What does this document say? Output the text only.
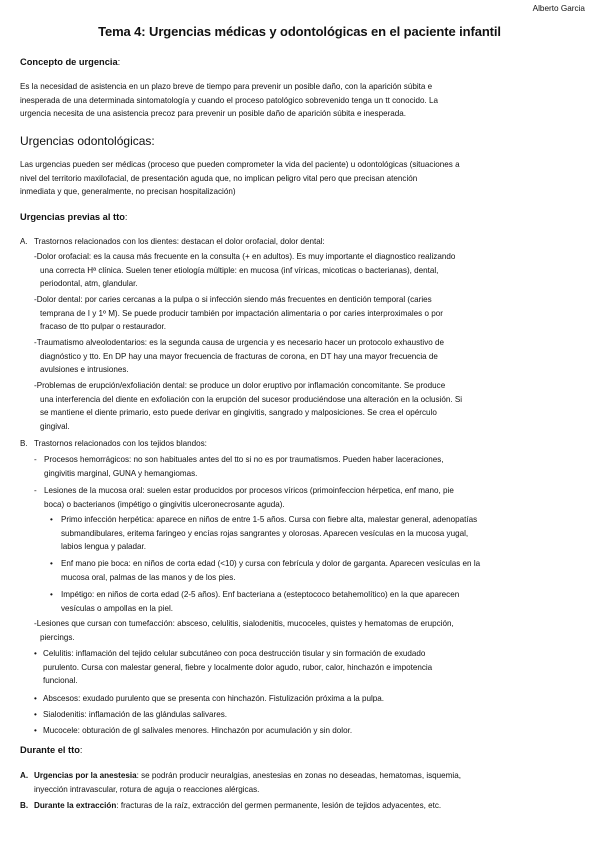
Alberto Garcia
Tema 4: Urgencias médicas y odontológicas en el paciente infantil
Concepto de urgencia:
Es la necesidad de asistencia en un plazo breve de tiempo para prevenir un posible daño, con la aparición súbita e
inesperada de una determinada sintomatología y cuando el proceso patológico sobrevenido tenga un tt conocido. La
urgencia necesita de una asistencia precoz para prevenir un posible daño de aparición súbita e inesperada.
Urgencias odontológicas:
Las urgencias pueden ser médicas (proceso que pueden comprometer la vida del paciente) u odontológicas (situaciones a
nivel del territorio maxilofacial, de presentación aguda que, no implican peligro vital pero que precisan atención
inmediata y que, generalmente, no precisan hospitalización)
Urgencias previas al tto:
A. Trastornos relacionados con los dientes: destacan el dolor orofacial, dolor dental:
-Dolor orofacial: es la causa más frecuente en la consulta (+ en adultos). Es muy importante el diagnostico realizando
una correcta Hª clínica. Suelen tener etiología múltiple: en mucosa (inf víricas, micoticas o bacterianas), dental,
periodontal, atm, glandular.
-Dolor dental: por caries cercanas a la pulpa o si infección siendo más frecuentes en dentición temporal (caries
temprana de I y 1º M). Se puede producir también por impactación alimentaria o por caries interproximales o por
fracaso de tto pulpar o restaurador.
-Traumatismo alveolodentarios: es la segunda causa de urgencia y es necesario hacer un protocolo exhaustivo de
diagnóstico y tto. En DP hay una mayor frecuencia de fracturas de corona, en DT hay una mayor frecuencia de
avulsiones e intrusiones.
-Problemas de erupción/exfoliación dental: se produce un dolor eruptivo por inflamación concomitante. Se produce
una interferencia del diente en exfoliación con la erupción del sucesor produciéndose una alteración en la oclusión. Si
se mantiene el diente primario, esto puede derivar en gingivitis, sangrado y malposiciones. Se crea el opérculo
gingival.
B. Trastornos relacionados con los tejidos blandos:
- Procesos hemorrágicos: no son habituales antes del tto si no es por traumatismos. Pueden haber laceraciones,
gingivitis marginal, GUNA y hemangiomas.
- Lesiones de la mucosa oral: suelen estar producidos por procesos víricos (primoinfeccion hérpetica, enf mano, pie
boca) o bacterianos (impétigo o gingivitis ulceronecrosante aguda).
• Primo infección herpética: aparece en niños de entre 1-5 años. Cursa con fiebre alta, malestar general, adenopatías
submandibulares, eritema faringeo y encías rojas sangrantes y olorosas. Aparecen vesículas en la mucosa yugal,
labios lengua y paladar.
• Enf mano pie boca: en niños de corta edad (<10) y cursa con febrícula y dolor de garganta. Aparecen vesículas en la
mucosa oral, palmas de las manos y de los pies.
• Impétigo: en niños de corta edad (2-5 años). Enf bacteriana a (esteptococo betahemolítico) en la que aparecen
vesículas o ampollas en la piel.
-Lesiones que cursan con tumefacción: absceso, celulitis, sialodenitis, mucoceles, quistes y hematomas de erupción,
piercings.
• Celulitis: inflamación del tejido celular subcutáneo con poca destrucción tisular y sin formación de exudado
purulento. Cursa con malestar general, fiebre y localmente dolor agudo, rubor, calor, hinchazón e impotencia
funcional.
• Abscesos: exudado purulento que se presenta con hinchazón. Fistulización próxima a la pulpa.
• Sialodenitis: inflamación de las glándulas salivares.
• Mucocele: obturación de gl salivales menores. Hinchazón por acumulación y sin dolor.
Durante el tto:
A. Urgencias por la anestesia: se podrán producir neuralgias, anestesias en zonas no deseadas, hematomas, isquemia,
inyección intravascular, rotura de aguja o reacciones alérgicas.
B. Durante la extracción: fracturas de la raíz, extracción del germen permanente, lesión de tejidos adyacentes, etc.
